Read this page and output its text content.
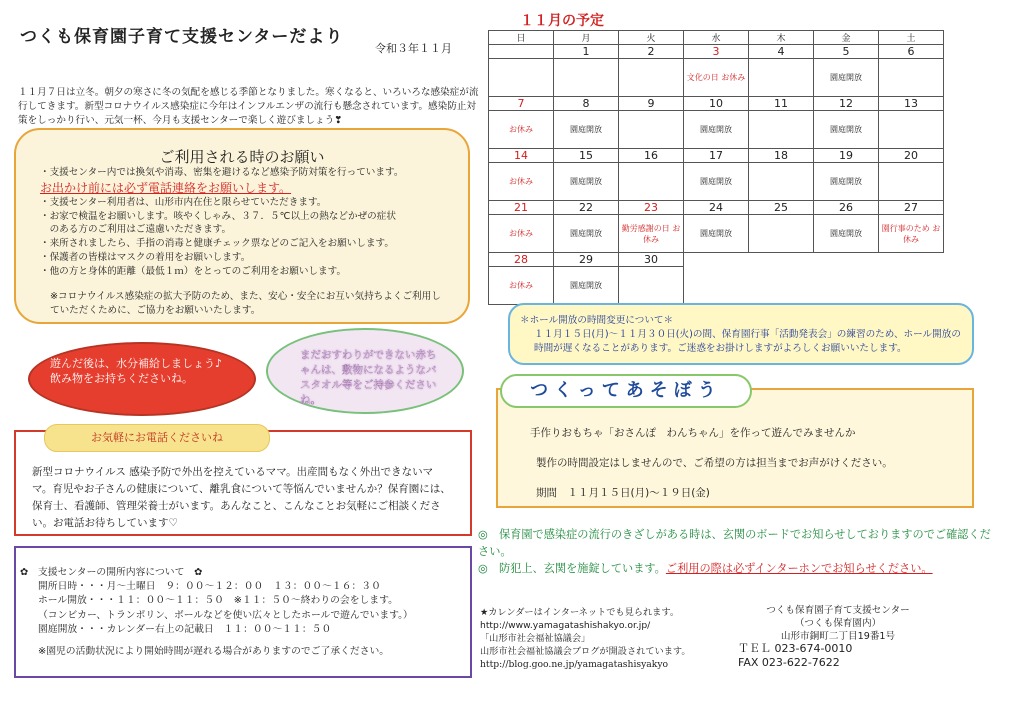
つくも保育園子育て支援センターだより
令和３年１１月
１１月７日は立冬。朝夕の寒さに冬の気配を感じる季節となりました。寒くなると、いろいろな感染症が流行してきます。新型コロナウイルス感染症に今年はインフルエンザの流行も懸念されています。感染防止対策をしっかり行い、元気一杯、今月も支援センターで楽しく遊びましょう❣
ご利用される時のお願い
・支援センター内では換気や消毒、密集を避けるなど感染予防対策を行っています。
お出かけ前には必ず電話連絡をお願いします。
・支援センター利用者は、山形市内在住と限らせていただきます。
・お家で検温をお願いします。咳やくしゃみ、３７．５℃以上の熱などかぜの症状
　のある方のご利用はご遠慮いただきます。
・来所されましたら、手指の消毒と健康チェック票などのご記入をお願いします。
・保護者の皆様はマスクの着用をお願いします。
・他の方と身体的距離（最低１ｍ）をとってのご利用をお願いします。
※コロナウイルス感染症の拡大予防のため、また、安心・安全にお互い気持ちよくご利用していただくために、ご協力をお願いいたします。
遊んだ後は、水分補給しましょう♪　飲み物をお持ちくださいね。
まだおすわりができない赤ちゃんは、敷物になるようなバスタオル等をご持参くださいね。
お気軽にお電話くださいね
新型コロナウイルス 感染予防で外出を控えているママ。出産間もなく外出できないママ。育児やお子さんの健康について、離乳食について等悩んでいませんか？保育園には、保育士、看護師、管理栄養士がいます。あんなこと、こんなことお気軽にご相談ください。お電話お待ちしています♡
✿　支援センターの開所内容について　✿
開所日時・・・月～土曜日　９：００～１２：００　１３：００～１６：３０
ホール開放・・・１１：００～１１：５０　※１１：５０～終わりの会をします。
（コンビカー、トランポリン、ボールなどを使い広々としたホールで遊んでいます。）
園庭開放・・・カレンダー右上の記載日　１１：００～１１：５０
※園児の活動状況により開始時間が遅れる場合がありますのでご了承ください。
１１月の予定
日	月	火	水	木	金	土
	1	2	3	4	5	6
			文化の日 お休み		園庭開放	
7	8	9	10	11	12	13
お休み	園庭開放		園庭開放		園庭開放	
14	15	16	17	18	19	20
お休み	園庭開放		園庭開放		園庭開放	
21	22	23	24	25	26	27
お休み	園庭開放	勤労感謝の日 お休み	園庭開放		園庭開放	園行事のため お休み
28	29	30				
お休み	園庭開放					
＊ホール開放の時間変更について＊
１１月１５日(月)～１１月３０日(火)の間、保育園行事「活動発表会」の練習のため、ホール開放の時間が遅くなることがあります。ご迷惑をお掛けしますがよろしくお願いいたします。
つくってあそぼう
手作りおもちゃ「おさんぽ　わんちゃん」を作って遊んでみませんか
製作の時間設定はしませんので、ご希望の方は担当までお声がけください。
期間　１１月１５日(月)～１９日(金)
◎　保育園で感染症の流行のきざしがある時は、玄関のボードでお知らせしておりますのでご確認ください。
◎　防犯上、玄関を施錠しています。ご利用の際は必ずインターホンでお知らせください。
★カレンダーはインターネットでも見られます。
http://www.yamagatashishakyo.or.jp/
「山形市社会福祉協議会」
山形市社会福祉協議会ブログが開設されています。
http://blog.goo.ne.jp/yamagatashisyakyo
つくも保育園子育て支援センター
（つくも保育園内）
山形市銅町二丁目19番1号
ＴＥＬ 023-674-0010
FAX 023-622-7622
